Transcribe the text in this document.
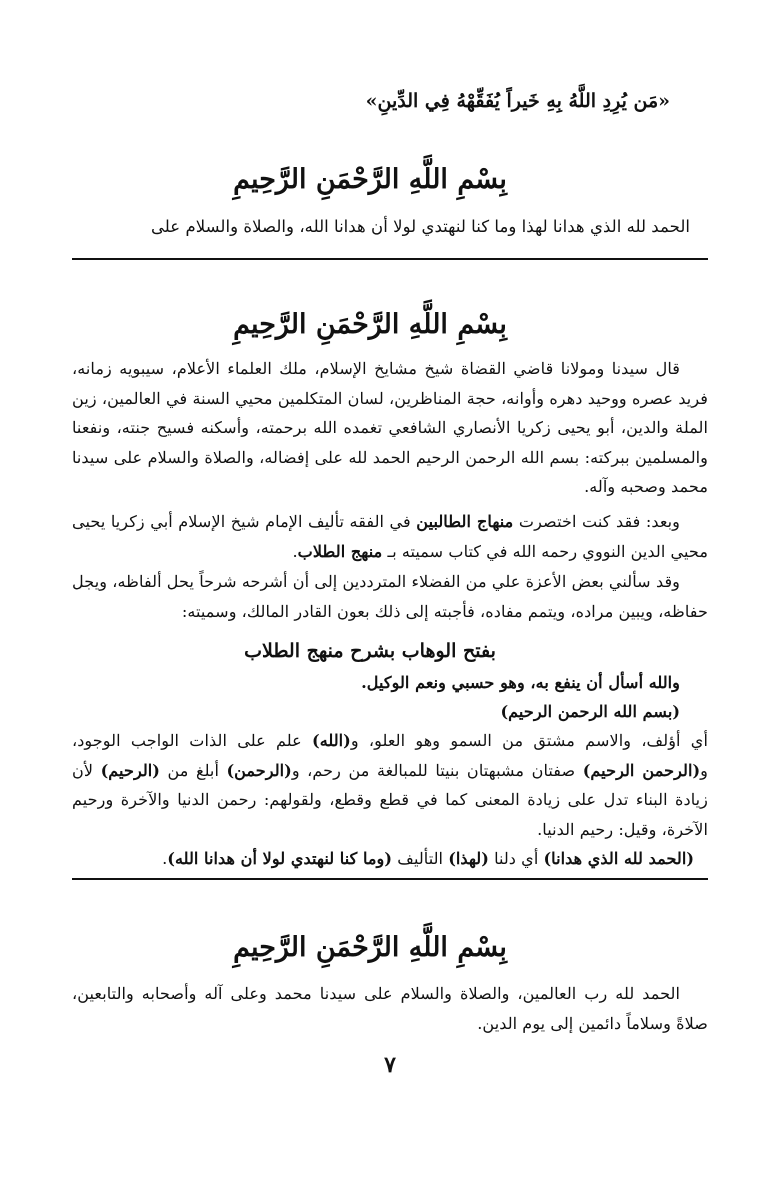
«مَن يُرِدِ اللَّهُ بِهِ خَيراً يُفَقِّهْهُ فِي الدِّينِ»

بِسْمِ اللَّهِ الرَّحْمَنِ الرَّحِيمِ

الحمد لله الذي هدانا لهذا وما كنا لنهتدي لولا أن هدانا الله، والصلاة والسلام على

بِسْمِ اللَّهِ الرَّحْمَنِ الرَّحِيمِ

قال سيدنا ومولانا قاضي القضاة شيخ مشايخ الإسلام، ملك العلماء الأعلام، سيبويه زمانه، فريد عصره ووحيد دهره وأوانه، حجة المناظرين، لسان المتكلمين محيي السنة في العالمين، زين الملة والدين، أبو يحيى زكريا الأنصاري الشافعي تغمده الله برحمته، وأسكنه فسيح جنته، ونفعنا والمسلمين ببركته: بسم الله الرحمن الرحيم الحمد لله على إفضاله، والصلاة والسلام على سيدنا محمد وصحبه وآله.

وبعد: فقد كنت اختصرت منهاج الطالبين في الفقه تأليف الإمام شيخ الإسلام أبي زكريا يحيى محيي الدين النووي رحمه الله في كتاب سميته بـ منهج الطلاب.

وقد سألني بعض الأعزة علي من الفضلاء المترددين إلى أن أشرحه شرحاً يحل ألفاظه، ويجل حفاظه، ويبين مراده، ويتمم مفاده، فأجبته إلى ذلك بعون القادر المالك، وسميته:

بفتح الوهاب بشرح منهج الطلاب

والله أسأل أن ينفع به، وهو حسبي ونعم الوكيل.

(بسم الله الرحمن الرحيم)

أي أؤلف، والاسم مشتق من السمو وهو العلو، و(الله) علم على الذات الواجب الوجود، و(الرحمن الرحيم) صفتان مشبهتان بنيتا للمبالغة من رحم، و(الرحمن) أبلغ من (الرحيم) لأن زيادة البناء تدل على زيادة المعنى كما في قطع وقطع، ولقولهم: رحمن الدنيا والآخرة ورحيم الآخرة، وقيل: رحيم الدنيا.

(الحمد لله الذي هدانا) أي دلنا (لهذا) التأليف (وما كنا لنهتدي لولا أن هدانا الله).

بِسْمِ اللَّهِ الرَّحْمَنِ الرَّحِيمِ

الحمد لله رب العالمين، والصلاة والسلام على سيدنا محمد وعلى آله وأصحابه والتابعين، صلاةً وسلاماً دائمين إلى يوم الدين.

٧
